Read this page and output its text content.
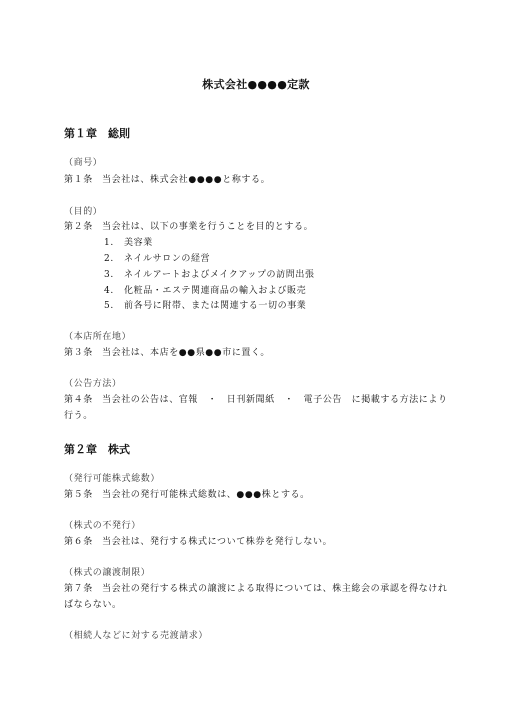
株式会社●●●●定款
第１章　総則
（商号）
第１条 当会社は、株式会社●●●●と称する。
（目的）
第２条 当会社は、以下の事業を行うことを目的とする。
1. 美容業
2. ネイルサロンの経営
3. ネイルアートおよびメイクアップの訪問出張
4. 化粧品・エステ関連商品の輸入および販売
5. 前各号に附帯、または関連する一切の事業
（本店所在地）
第３条 当会社は、本店を●●県●●市に置く。
（公告方法）
第４条 当会社の公告は、官報　・　日刊新聞紙　・　電子公告　に掲載する方法により
行う。
第２章　株式
（発行可能株式総数）
第５条 当会社の発行可能株式総数は、●●●株とする。
（株式の不発行）
第６条 当会社は、発行する株式について株券を発行しない。
（株式の譲渡制限）
第７条 当会社の発行する株式の譲渡による取得については、株主総会の承認を得なけれ
ばならない。
（相続人などに対する売渡請求）
